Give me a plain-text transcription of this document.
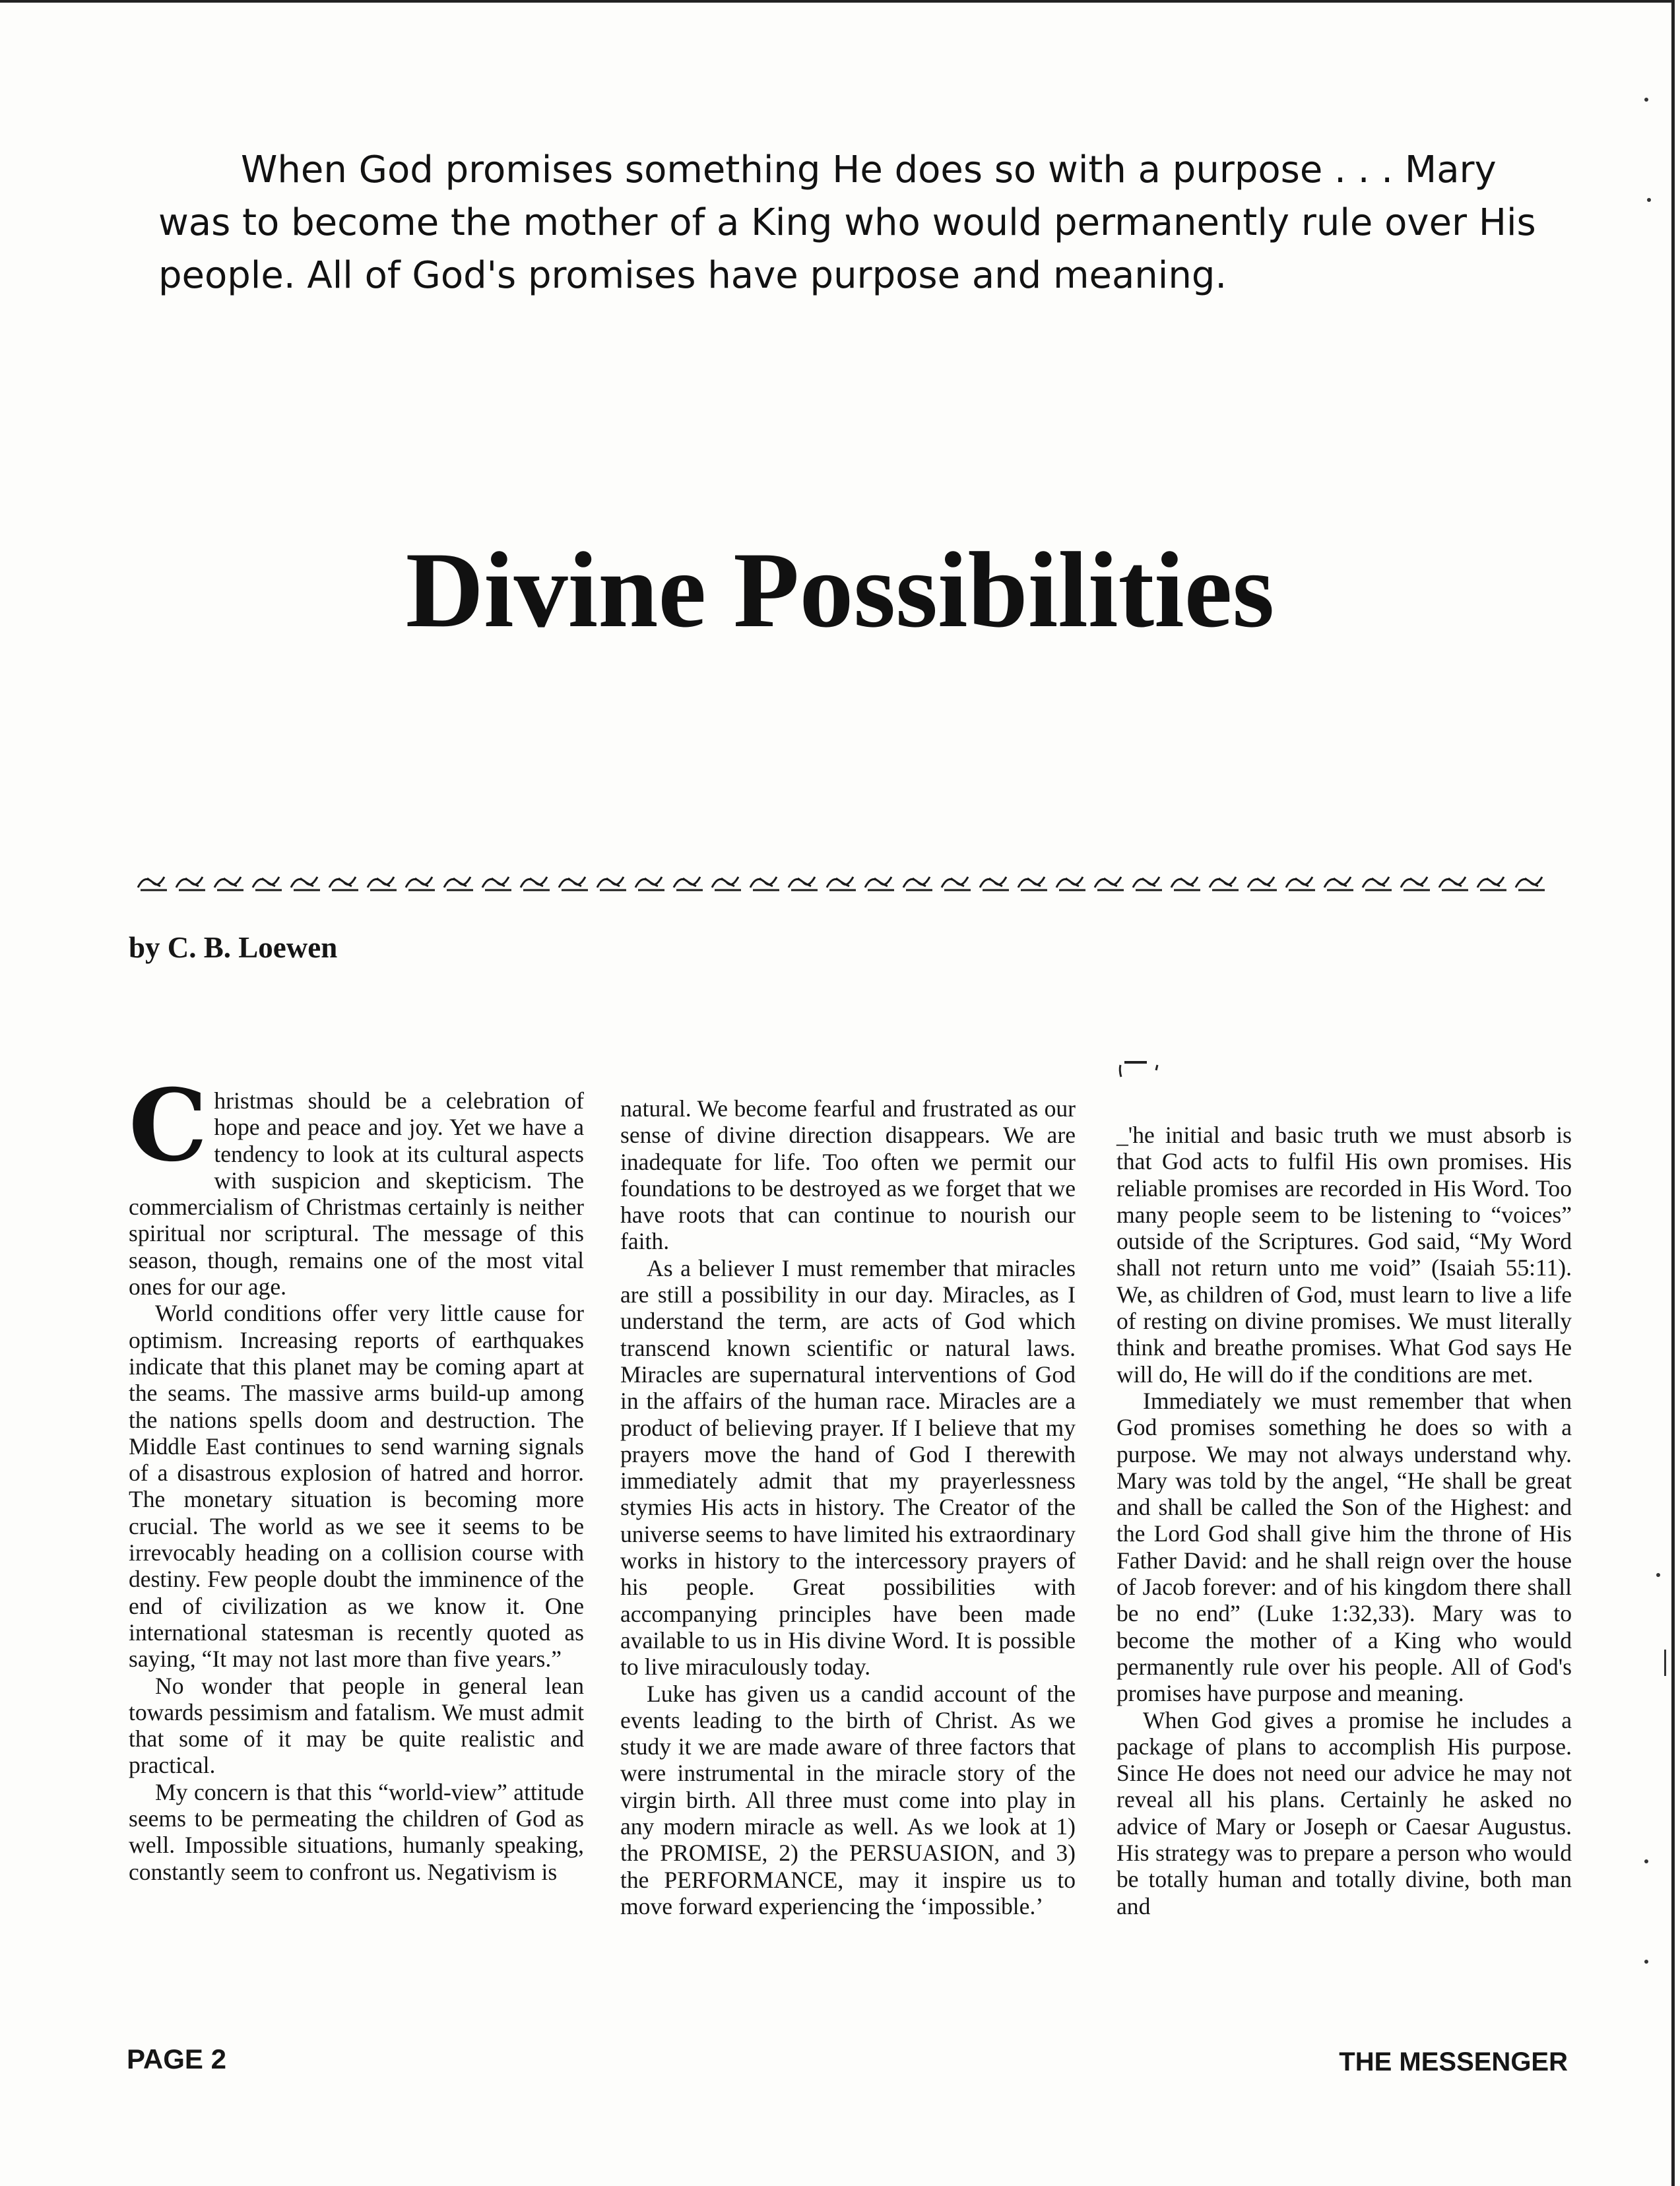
When God promises something He does so with a purpose . . . Mary was to become the mother of a King who would permanently rule over His people. All of God's promises have purpose and meaning.

Divine Possibilities

by C. B. Loewen

C hristmas should be a celebration of hope and peace and joy. Yet we have a tendency to look at its cultural aspects with suspicion and skepticism. The commercialism of Christmas certainly is neither spiritual nor scriptural. The message of this season, though, remains one of the most vital ones for our age.

World conditions offer very little cause for optimism. Increasing reports of earthquakes indicate that this planet may be coming apart at the seams. The massive arms build-up among the nations spells doom and destruction. The Middle East continues to send warning signals of a disastrous explosion of hatred and horror. The monetary situation is becoming more crucial. The world as we see it seems to be irrevocably heading on a collision course with destiny. Few people doubt the imminence of the end of civilization as we know it. One international statesman is recently quoted as saying, “It may not last more than five years.”

No wonder that people in general lean towards pessimism and fatalism. We must admit that some of it may be quite realistic and practical.

My concern is that this “world-view” attitude seems to be permeating the children of God as well. Impossible situations, humanly speaking, constantly seem to confront us. Negativism is

natural. We become fearful and frustrated as our sense of divine direction disappears. We are inadequate for life. Too often we permit our foundations to be destroyed as we forget that we have roots that can continue to nourish our faith.

As a believer I must remember that miracles are still a possibility in our day. Miracles, as I understand the term, are acts of God which transcend known scientific or natural laws. Miracles are supernatural interventions of God in the affairs of the human race. Miracles are a product of believing prayer. If I believe that my prayers move the hand of God I therewith immediately admit that my prayerlessness stymies His acts in history. The Creator of the universe seems to have limited his extraordinary works in history to the intercessory prayers of his people. Great possibilities with accompanying principles have been made available to us in His divine Word. It is possible to live miraculously today.

Luke has given us a candid account of the events leading to the birth of Christ. As we study it we are made aware of three factors that were instrumental in the miracle story of the virgin birth. All three must come into play in any modern miracle as well. As we look at 1) the PROMISE, 2) the PERSUASION, and 3) the PERFORMANCE, may it inspire us to move forward experiencing the ‘impossible.’

_'he initial and basic truth we must absorb is that God acts to fulfil His own promises. His reliable promises are recorded in His Word. Too many people seem to be listening to “voices” outside of the Scriptures. God said, “My Word shall not return unto me void” (Isaiah 55:11). We, as children of God, must learn to live a life of resting on divine promises. We must literally think and breathe promises. What God says He will do, He will do if the conditions are met.

Immediately we must remember that when God promises something he does so with a purpose. We may not always understand why. Mary was told by the angel, “He shall be great and shall be called the Son of the Highest: and the Lord God shall give him the throne of His Father David: and he shall reign over the house of Jacob forever: and of his kingdom there shall be no end” (Luke 1:32,33). Mary was to become the mother of a King who would permanently rule over his people. All of God's promises have purpose and meaning.

When God gives a promise he includes a package of plans to accomplish His purpose. Since He does not need our advice he may not reveal all his plans. Certainly he asked no advice of Mary or Joseph or Caesar Augustus. His strategy was to prepare a person who would be totally human and totally divine, both man and

PAGE 2	THE MESSENGER
